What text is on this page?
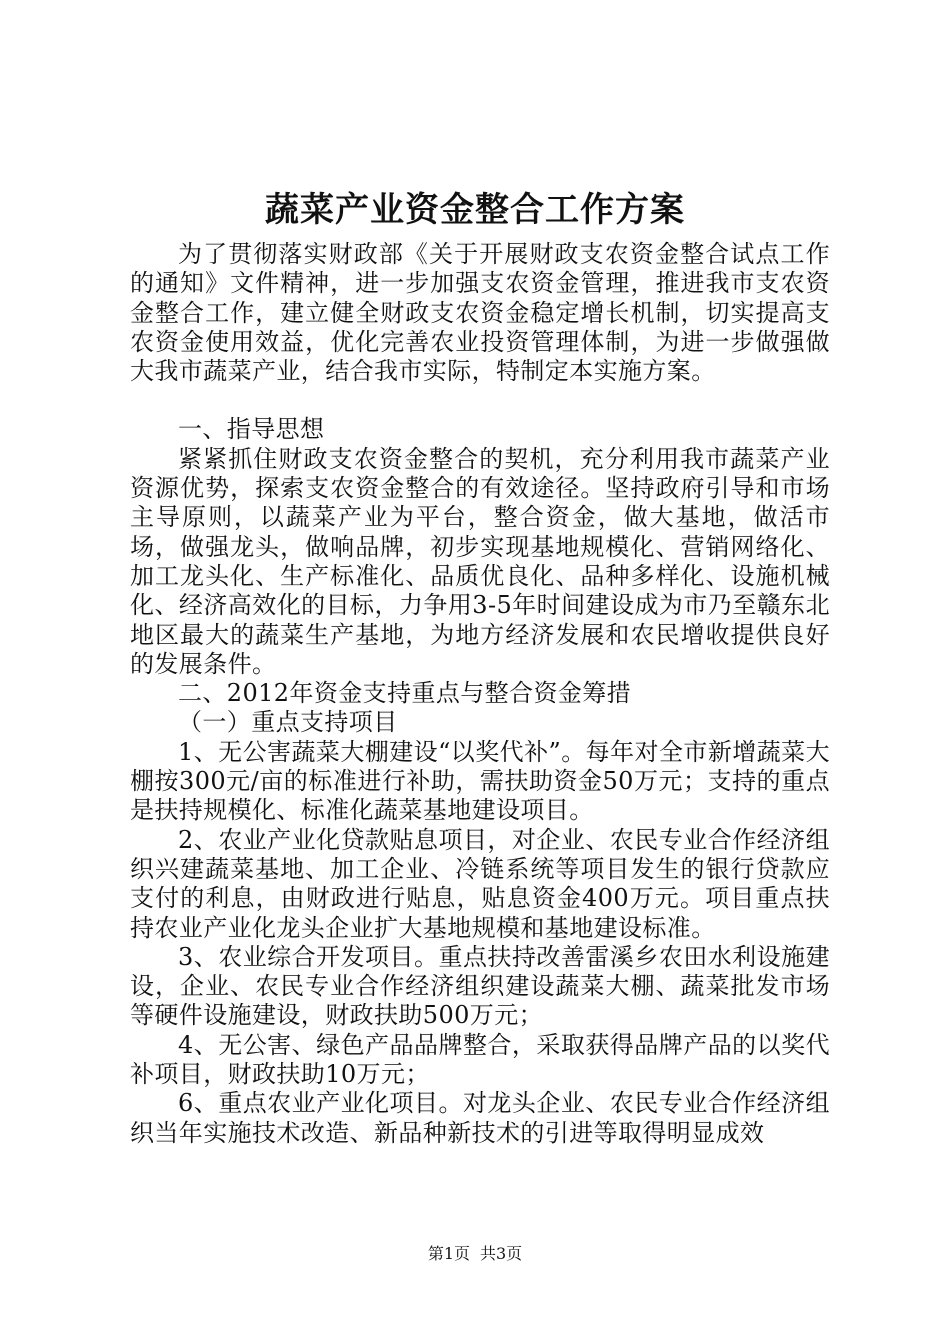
蔬菜产业资金整合工作方案

为了贯彻落实财政部《关于开展财政支农资金整合试点工作的通知》文件精神，进一步加强支农资金管理，推进我市支农资金整合工作，建立健全财政支农资金稳定增长机制，切实提高支农资金使用效益，优化完善农业投资管理体制，为进一步做强做大我市蔬菜产业，结合我市实际，特制定本实施方案。

一、指导思想

紧紧抓住财政支农资金整合的契机，充分利用我市蔬菜产业资源优势，探索支农资金整合的有效途径。坚持政府引导和市场主导原则，以蔬菜产业为平台，整合资金，做大基地，做活市场，做强龙头，做响品牌，初步实现基地规模化、营销网络化、加工龙头化、生产标准化、品质优良化、品种多样化、设施机械化、经济高效化的目标，力争用3-5年时间建设成为市乃至赣东北地区最大的蔬菜生产基地，为地方经济发展和农民增收提供良好的发展条件。

二、2012年资金支持重点与整合资金筹措

（一）重点支持项目

1、无公害蔬菜大棚建设“以奖代补”。每年对全市新增蔬菜大棚按300元/亩的标准进行补助，需扶助资金50万元；支持的重点是扶持规模化、标准化蔬菜基地建设项目。

2、农业产业化贷款贴息项目，对企业、农民专业合作经济组织兴建蔬菜基地、加工企业、冷链系统等项目发生的银行贷款应支付的利息，由财政进行贴息，贴息资金400万元。项目重点扶持农业产业化龙头企业扩大基地规模和基地建设标准。

3、农业综合开发项目。重点扶持改善雷溪乡农田水利设施建设，企业、农民专业合作经济组织建设蔬菜大棚、蔬菜批发市场等硬件设施建设，财政扶助500万元；

4、无公害、绿色产品品牌整合，采取获得品牌产品的以奖代补项目，财政扶助10万元；

6、重点农业产业化项目。对龙头企业、农民专业合作经济组织当年实施技术改造、新品种新技术的引进等取得明显成效

第1页 共3页
